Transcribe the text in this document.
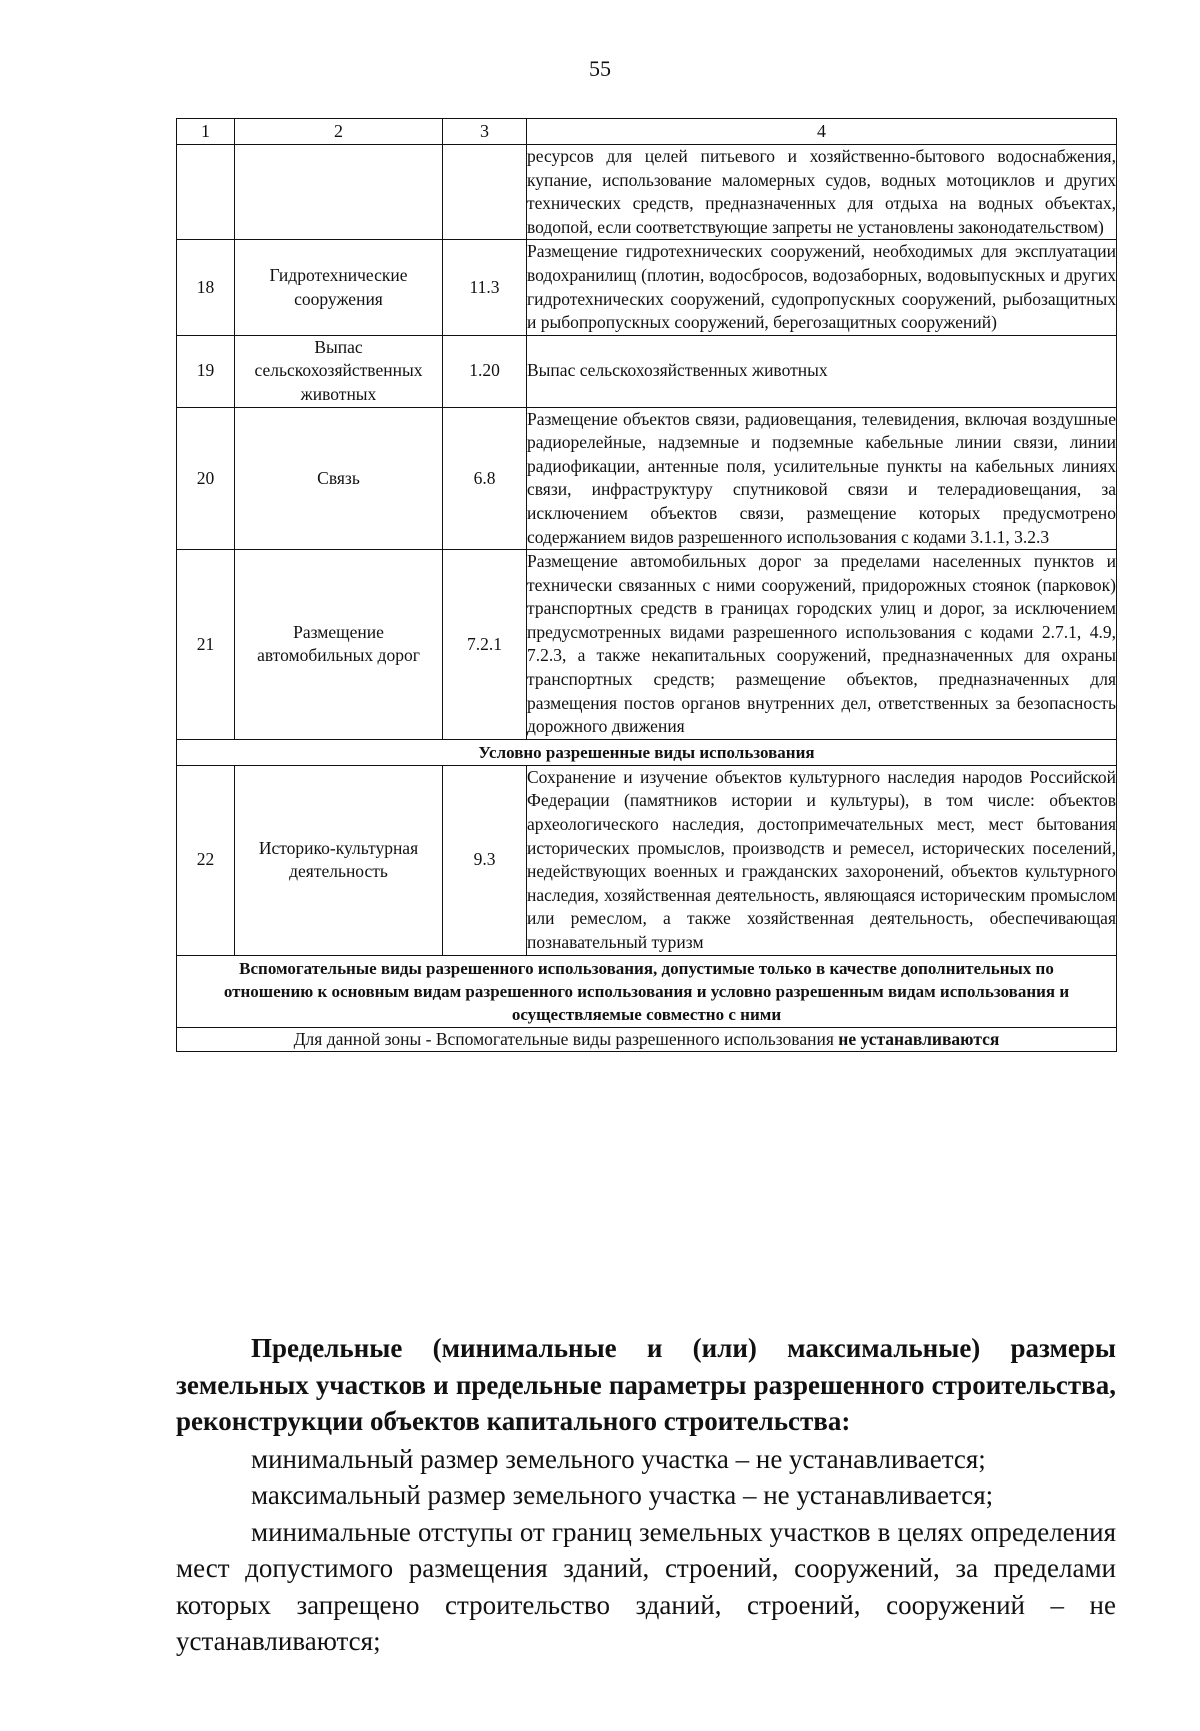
55
1	2	3	4
			ресурсов для целей питьевого и хозяйственно-бытового водоснабжения, купание, использование маломерных судов, водных мотоциклов и других технических средств, предназначенных для отдыха на водных объектах, водопой, если соответствующие запреты не установлены законодательством)
18	Гидротехнические сооружения	11.3	Размещение гидротехнических сооружений, необходимых для эксплуатации водохранилищ (плотин, водосбросов, водозаборных, водовыпускных и других гидротехнических сооружений, судопропускных сооружений, рыбозащитных и рыбопропускных сооружений, берегозащитных сооружений)
19	Выпас сельскохозяйственных животных	1.20	Выпас сельскохозяйственных животных
20	Связь	6.8	Размещение объектов связи, радиовещания, телевидения, включая воздушные радиорелейные, надземные и подземные кабельные линии связи, линии радиофикации, антенные поля, усилительные пункты на кабельных линиях связи, инфраструктуру спутниковой связи и телерадиовещания, за исключением объектов связи, размещение которых предусмотрено содержанием видов разрешенного использования с кодами 3.1.1, 3.2.3
21	Размещение автомобильных дорог	7.2.1	Размещение автомобильных дорог за пределами населенных пунктов и технически связанных с ними сооружений, придорожных стоянок (парковок) транспортных средств в границах городских улиц и дорог, за исключением предусмотренных видами разрешенного использования с кодами 2.7.1, 4.9, 7.2.3, а также некапитальных сооружений, предназначенных для охраны транспортных средств; размещение объектов, предназначенных для размещения постов органов внутренних дел, ответственных за безопасность дорожного движения
Условно разрешенные виды использования			
22	Историко-культурная деятельность	9.3	Сохранение и изучение объектов культурного наследия народов Российской Федерации (памятников истории и культуры), в том числе: объектов археологического наследия, достопримечательных мест, мест бытования исторических промыслов, производств и ремесел, исторических поселений, недействующих военных и гражданских захоронений, объектов культурного наследия, хозяйственная деятельность, являющаяся историческим промыслом или ремеслом, а также хозяйственная деятельность, обеспечивающая познавательный туризм
Вспомогательные виды разрешенного использования, допустимые только в качестве дополнительных по отношению к основным видам разрешенного использования и условно разрешенным видам использования и осуществляемые совместно с ними			
Для данной зоны - Вспомогательные виды разрешенного использования не устанавливаются			

Предельные (минимальные и (или) максимальные) размеры земельных участков и предельные параметры разрешенного строительства, реконструкции объектов капитального строительства:

минимальный размер земельного участка – не устанавливается;

максимальный размер земельного участка – не устанавливается;

минимальные отступы от границ земельных участков в целях определения мест допустимого размещения зданий, строений, сооружений, за пределами которых запрещено строительство зданий, строений, сооружений – не устанавливаются;
